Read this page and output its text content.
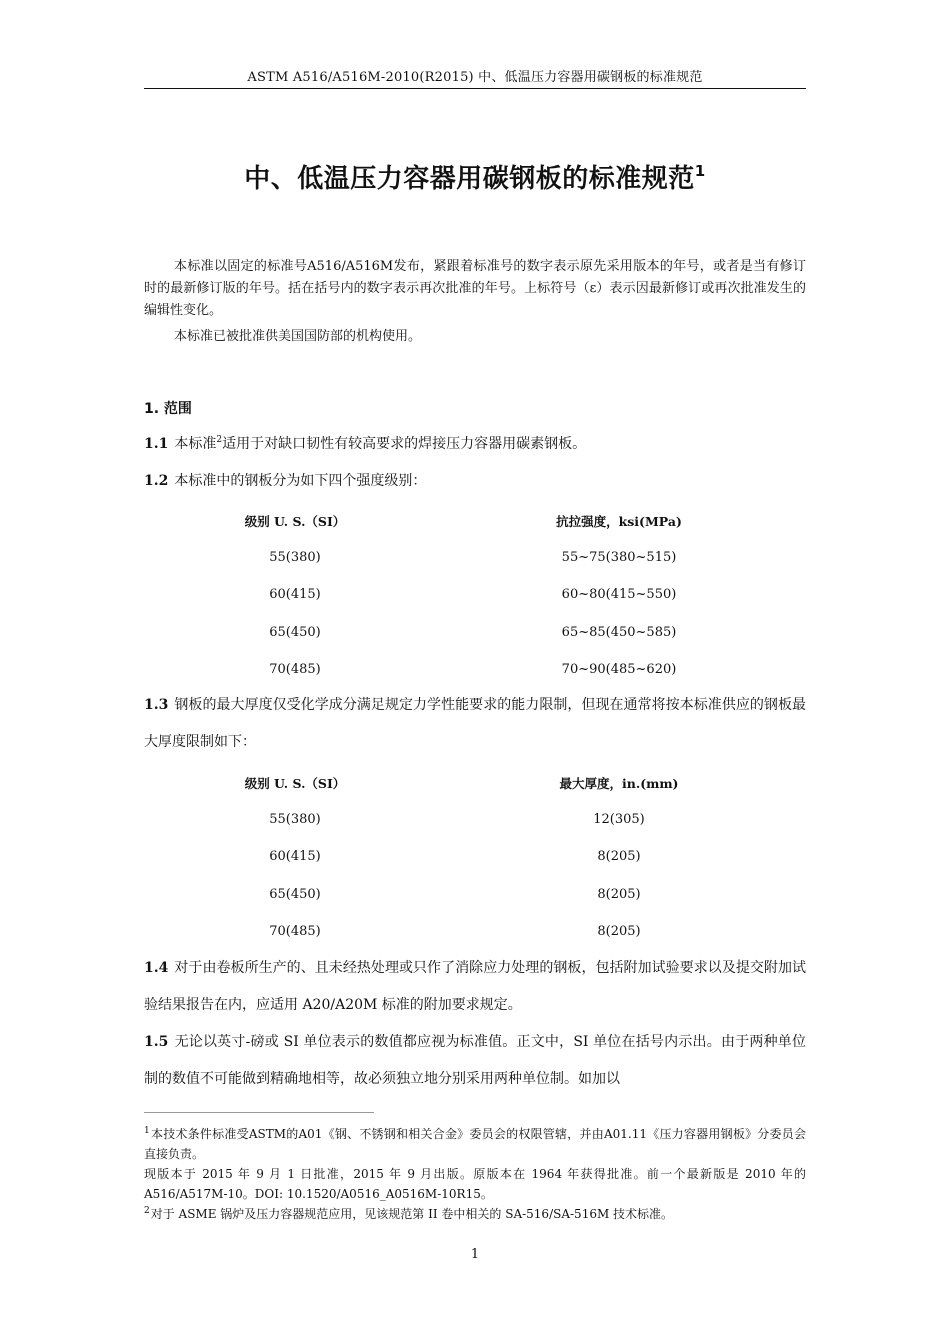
ASTM A516/A516M-2010(R2015) 中、低温压力容器用碳钢板的标准规范
中、低温压力容器用碳钢板的标准规范$^1$

本标准以固定的标准号A516/A516M发布，紧跟着标准号的数字表示原先采用版本的年号，或者是当有修订时的最新修订版的年号。括在括号内的数字表示再次批准的年号。上标符号（ε）表示因最新修订或再次批准发生的编辑性变化。

本标准已被批准供美国国防部的机构使用。

1. 范围
1.1 本标准$^2$适用于对缺口韧性有较高要求的焊接压力容器用碳素钢板。
1.2 本标准中的钢板分为如下四个强度级别：
级别 U. S.（SI）	抗拉强度，ksi(MPa)
55(380)	55~75(380~515)
60(415)	60~80(415~550)
65(450)	65~85(450~585)
70(485)	70~90(485~620)
1.3 钢板的最大厚度仅受化学成分满足规定力学性能要求的能力限制，但现在通常将按本标准供应的钢板最大厚度限制如下：
级别 U. S.（SI）	最大厚度，in.(mm)
55(380)	12(305)
60(415)	8(205)
65(450)	8(205)
70(485)	8(205)
1.4 对于由卷板所生产的、且未经热处理或只作了消除应力处理的钢板，包括附加试验要求以及提交附加试验结果报告在内，应适用 A20/A20M 标准的附加要求规定。
1.5 无论以英寸-磅或 SI 单位表示的数值都应视为标准值。正文中，SI 单位在括号内示出。由于两种单位制的数值不可能做到精确地相等，故必须独立地分别采用两种单位制。如加以

$^1$本技术条件标准受ASTM的A01《钢、不锈钢和相关合金》委员会的权限管辖，并由A01.11《压力容器用钢板》分委员会直接负责。

现版本于 2015 年 9 月 1 日批准，2015 年 9 月出版。原版本在 1964 年获得批准。前一个最新版是 2010 年的 A516/A517M-10。DOI: 10.1520/A0516_A0516M-10R15。

$^2$对于 ASME 锅炉及压力容器规范应用，见该规范第 II 卷中相关的 SA-516/SA-516M 技术标准。

1
